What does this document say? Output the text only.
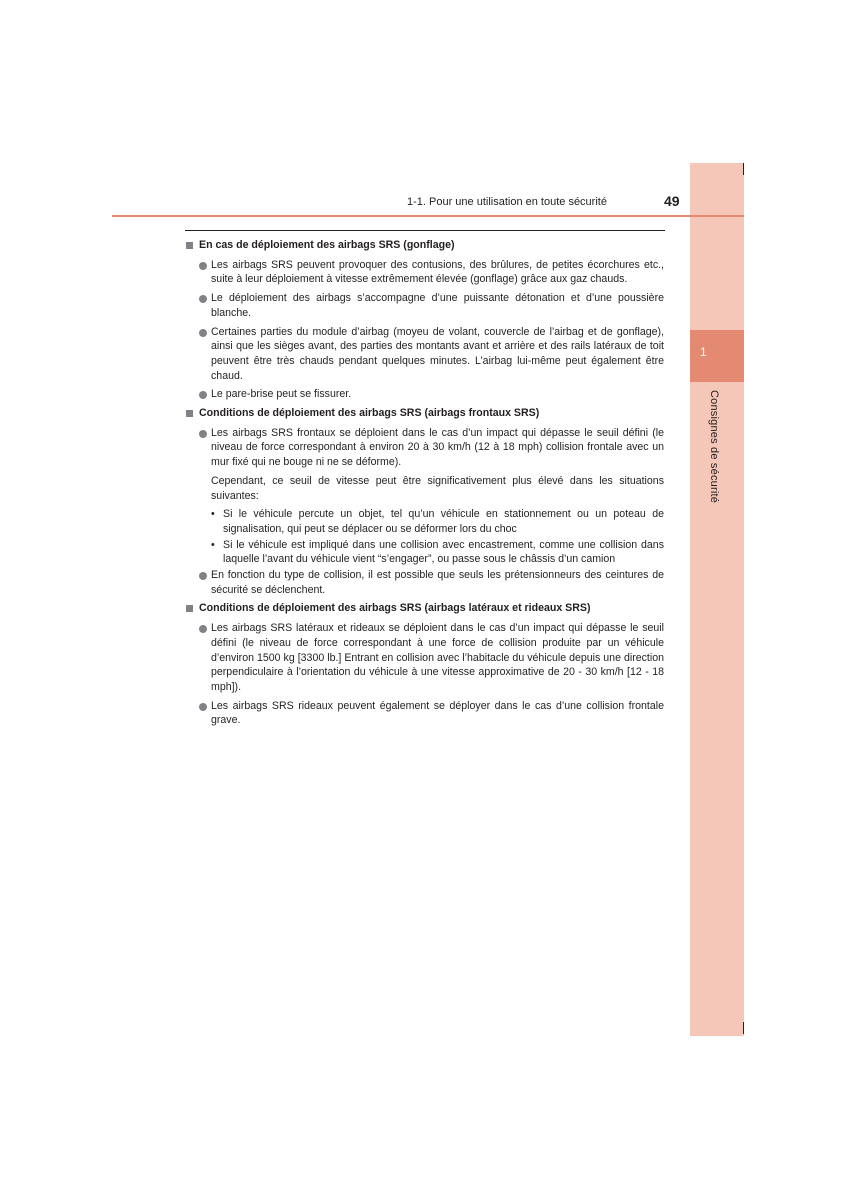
1
Consignes de sécurité
1-1. Pour une utilisation en toute sécurité	49
En cas de déploiement des airbags SRS (gonflage)
Les airbags SRS peuvent provoquer des contusions, des brûlures, de petites écorchures etc., suite à leur déploiement à vitesse extrêmement élevée (gonflage) grâce aux gaz chauds.
Le déploiement des airbags s’accompagne d’une puissante détonation et d’une poussière blanche.
Certaines parties du module d’airbag (moyeu de volant, couvercle de l’airbag et de gonflage), ainsi que les sièges avant, des parties des montants avant et arrière et des rails latéraux de toit peuvent être très chauds pendant quelques minutes. L’airbag lui-même peut également être chaud.
Le pare-brise peut se fissurer.
Conditions de déploiement des airbags SRS (airbags frontaux SRS)
Les airbags SRS frontaux se déploient dans le cas d’un impact qui dépasse le seuil défini (le niveau de force correspondant à environ 20 à 30 km/h (12 à 18 mph) collision frontale avec un mur fixé qui ne bouge ni ne se déforme).
Cependant, ce seuil de vitesse peut être significativement plus élevé dans les situations suivantes:
• Si le véhicule percute un objet, tel qu’un véhicule en stationnement ou un poteau de signalisation, qui peut se déplacer ou se déformer lors du choc
• Si le véhicule est impliqué dans une collision avec encastrement, comme une collision dans laquelle l’avant du véhicule vient “s’engager”, ou passe sous le châssis d’un camion
En fonction du type de collision, il est possible que seuls les prétensionneurs des ceintures de sécurité se déclenchent.
Conditions de déploiement des airbags SRS (airbags latéraux et rideaux SRS)
Les airbags SRS latéraux et rideaux se déploient dans le cas d’un impact qui dépasse le seuil défini (le niveau de force correspondant à une force de collision produite par un véhicule d’environ 1500 kg [3300 lb.] Entrant en collision avec l’habitacle du véhicule depuis une direction perpendiculaire à l’orientation du véhicule à une vitesse approximative de 20 - 30 km/h [12 - 18 mph]).
Les airbags SRS rideaux peuvent également se déployer dans le cas d’une collision frontale grave.
